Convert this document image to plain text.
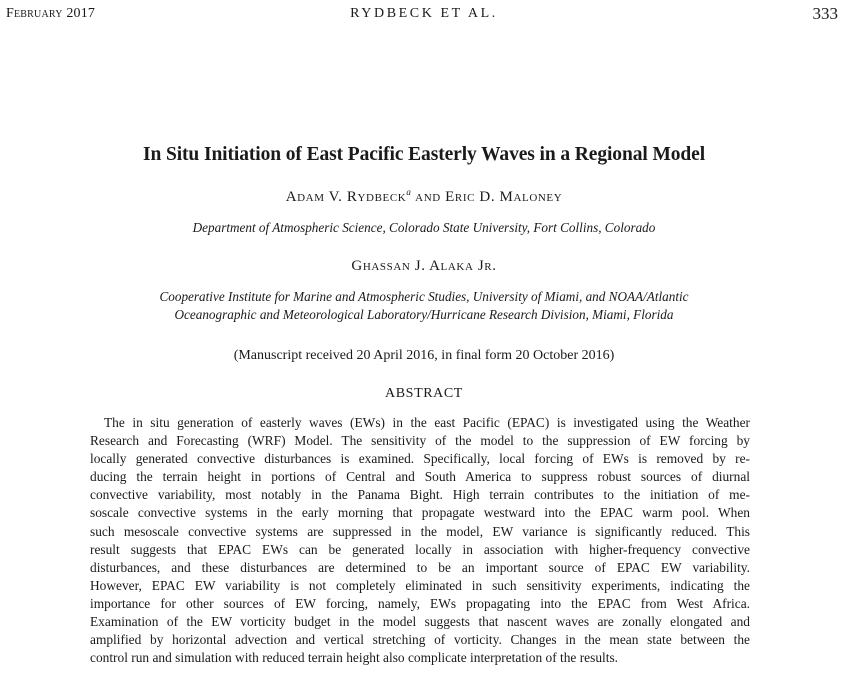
February 2017	RYDBECK ET AL.	333
In Situ Initiation of East Pacific Easterly Waves in a Regional Model
Adam V. Rydbeck$^a$ and Eric D. Maloney
Department of Atmospheric Science, Colorado State University, Fort Collins, Colorado
Ghassan J. Alaka Jr.
Cooperative Institute for Marine and Atmospheric Studies, University of Miami, and NOAA/Atlantic
Oceanographic and Meteorological Laboratory/Hurricane Research Division, Miami, Florida
(Manuscript received 20 April 2016, in final form 20 October 2016)
ABSTRACT
The in situ generation of easterly waves (EWs) in the east Pacific (EPAC) is investigated using the Weather
Research and Forecasting (WRF) Model. The sensitivity of the model to the suppression of EW forcing by
locally generated convective disturbances is examined. Specifically, local forcing of EWs is removed by re-
ducing the terrain height in portions of Central and South America to suppress robust sources of diurnal
convective variability, most notably in the Panama Bight. High terrain contributes to the initiation of me-
soscale convective systems in the early morning that propagate westward into the EPAC warm pool. When
such mesoscale convective systems are suppressed in the model, EW variance is significantly reduced. This
result suggests that EPAC EWs can be generated locally in association with higher-frequency convective
disturbances, and these disturbances are determined to be an important source of EPAC EW variability.
However, EPAC EW variability is not completely eliminated in such sensitivity experiments, indicating the
importance for other sources of EW forcing, namely, EWs propagating into the EPAC from West Africa.
Examination of the EW vorticity budget in the model suggests that nascent waves are zonally elongated and
amplified by horizontal advection and vertical stretching of vorticity. Changes in the mean state between the
control run and simulation with reduced terrain height also complicate interpretation of the results.
